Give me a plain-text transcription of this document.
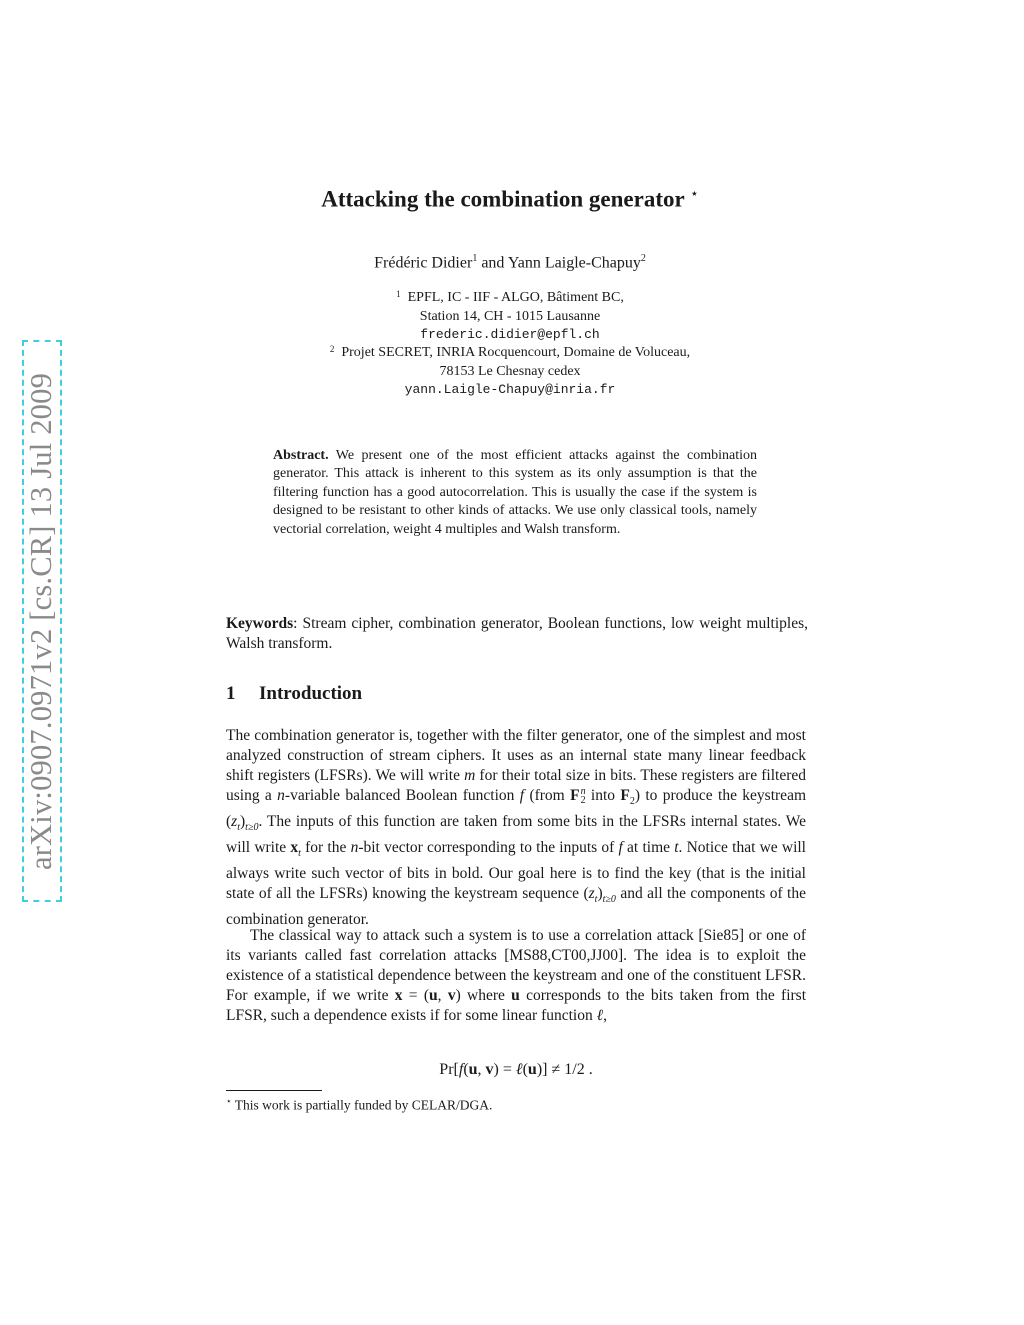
arXiv:0907.0971v2 [cs.CR] 13 Jul 2009
Attacking the combination generator ⋆
Frédéric Didier$^1$ and Yann Laigle-Chapuy$^2$
$^1$ EPFL, IC - IIF - ALGO, Bâtiment BC,
Station 14, CH - 1015 Lausanne
frederic.didier@epfl.ch
$^2$ Projet SECRET, INRIA Rocquencourt, Domaine de Voluceau,
78153 Le Chesnay cedex
yann.Laigle-Chapuy@inria.fr
Abstract. We present one of the most efficient attacks against the combination generator. This attack is inherent to this system as its only assumption is that the filtering function has a good autocorrelation. This is usually the case if the system is designed to be resistant to other kinds of attacks. We use only classical tools, namely vectorial correlation, weight 4 multiples and Walsh transform.
Keywords: Stream cipher, combination generator, Boolean functions, low weight multiples, Walsh transform.
1 Introduction

The combination generator is, together with the filter generator, one of the simplest and most analyzed construction of stream ciphers. It uses as an internal state many linear feedback shift registers (LFSRs). We will write m for their total size in bits. These registers are filtered using a n-variable balanced Boolean function f (from F n
2 into $F_2$) to produce the keystream $(z_t)_{t\ge 0}$. The inputs of this function are taken from some bits in the LFSRs internal states. We will write $x_t$ for the n-bit vector corresponding to the inputs of f at time t. Notice that we will always write such vector of bits in bold. Our goal here is to find the key (that is the initial state of all the LFSRs) knowing the keystream sequence $(z_t)_{t\ge 0}$ and all the components of the combination generator.

The classical way to attack such a system is to use a correlation attack [Sie85] or one of its variants called fast correlation attacks [MS88,CT00,JJ00]. The idea is to exploit the existence of a statistical dependence between the keystream and one of the constituent LFSR. For example, if we write x = (u, v) where u corresponds to the bits taken from the first LFSR, such a dependence exists if for some linear function ℓ,

Pr[f(u, v) = ℓ(u)] ≠ 1/2 .
⋆ This work is partially funded by CELAR/DGA.
